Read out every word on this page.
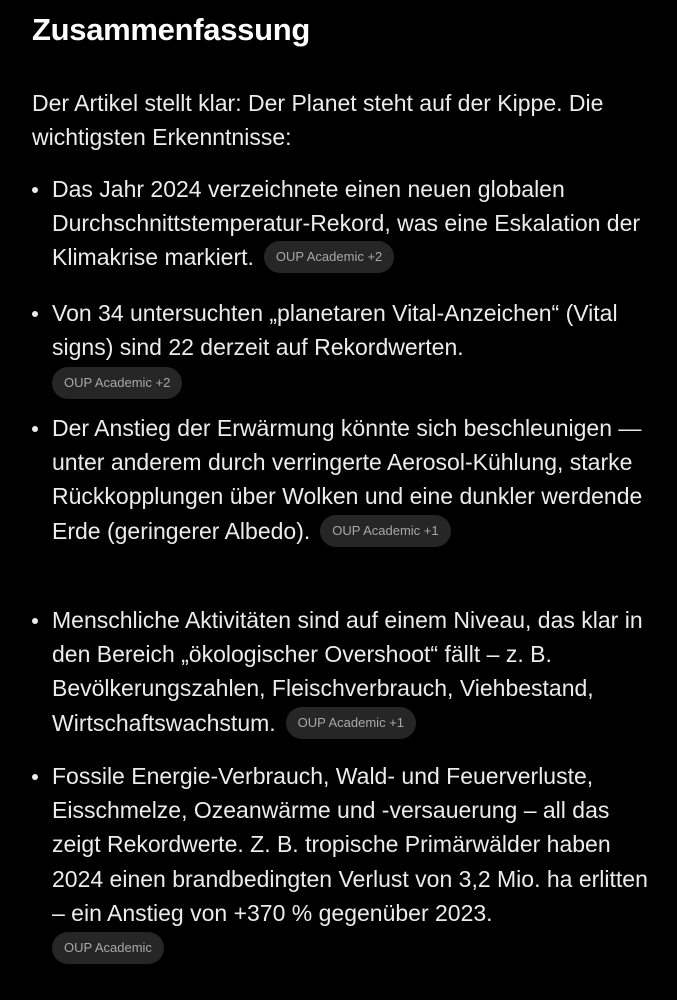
Zusammenfassung

Der Artikel stellt klar: Der Planet steht auf der Kippe. Die wichtigsten Erkenntnisse:

Das Jahr 2024 verzeichnete einen neuen globalen Durchschnittstemperatur-Rekord, was eine Eskalation der Klimakrise markiert. OUP Academic +2

Von 34 untersuchten „planetaren Vital-Anzeichen“ (Vital signs) sind 22 derzeit auf Rekordwerten.
OUP Academic +2

Der Anstieg der Erwärmung könnte sich beschleunigen — unter anderem durch verringerte Aerosol-Kühlung, starke Rückkopplungen über Wolken und eine dunkler werdende Erde (geringerer Albedo). OUP Academic +1

Menschliche Aktivitäten sind auf einem Niveau, das klar in den Bereich „ökologischer Overshoot“ fällt – z. B. Bevölkerungszahlen, Fleischverbrauch, Viehbestand, Wirtschaftswachstum. OUP Academic +1

Fossile Energie-Verbrauch, Wald- und Feuerverluste, Eisschmelze, Ozeanwärme und -versauerung – all das zeigt Rekordwerte. Z. B. tropische Primärwälder haben 2024 einen brandbedingten Verlust von 3,2 Mio. ha erlitten – ein Anstieg von +370 % gegenüber 2023.
OUP Academic
